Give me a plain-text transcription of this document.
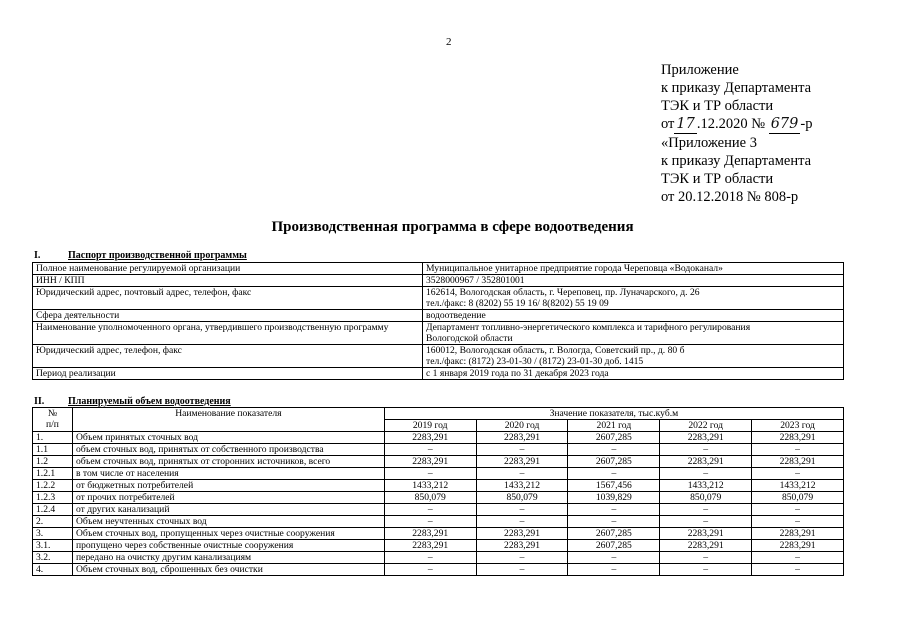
2
Приложение
к приказу Департамента
ТЭК и ТР области
от 17 .12.2020 № 679 -р
«Приложение 3
к приказу Департамента
ТЭК и ТР области
от 20.12.2018 № 808-р
Производственная программа в сфере водоотведения
I.	Паспорт производственной программы
Полное наименование регулируемой организации	Муниципальное унитарное предприятие города Череповца «Водоканал»

ИНН / КПП	3528000967 / 352801001

Юридический адрес, почтовый адрес, телефон, факс	162614, Вологодская область, г. Череповец, пр. Луначарского, д. 26
тел./факс: 8 (8202) 55 19 16/ 8(8202) 55 19 09

Сфера деятельности	водоотведение

Наименование уполномоченного органа, утвердившего производственную программу	Департамент топливно-энергетического комплекса и тарифного регулирования
Вологодской области

Юридический адрес, телефон, факс	160012, Вологодская область, г. Вологда, Советский пр., д. 80 б
тел./факс: (8172) 23-01-30 / (8172) 23-01-30 доб. 1415

Период реализации	с 1 января 2019 года по 31 декабря 2023 года
II. Планируемый объем водоотведения
№
п/п	Наименование показателя	Значение показателя, тыс.куб.м				
		2019 год	2020 год	2021 год	2022 год	2023 год
1.	Объем принятых сточных вод	2283,291	2283,291	2607,285	2283,291	2283,291
1.1	объем сточных вод, принятых от собственного производства	–	–	–	–	–
1.2	объем сточных вод, принятых от сторонних источников, всего	2283,291	2283,291	2607,285	2283,291	2283,291
1.2.1	в том числе от населения	–	–	–	–	–
1.2.2	от бюджетных потребителей	1433,212	1433,212	1567,456	1433,212	1433,212
1.2.3	от прочих потребителей	850,079	850,079	1039,829	850,079	850,079
1.2.4	от других канализаций	–	–	–	–	–
2.	Объем неучтенных сточных вод	–	–	–	–	–
3.	Объем сточных вод, пропущенных через очистные сооружения	2283,291	2283,291	2607,285	2283,291	2283,291
3.1.	пропущено через собственные очистные сооружения	2283,291	2283,291	2607,285	2283,291	2283,291
3.2.	передано на очистку другим канализациям	–	–	–	–	–
4.	Объем сточных вод, сброшенных без очистки	–	–	–	–	–
